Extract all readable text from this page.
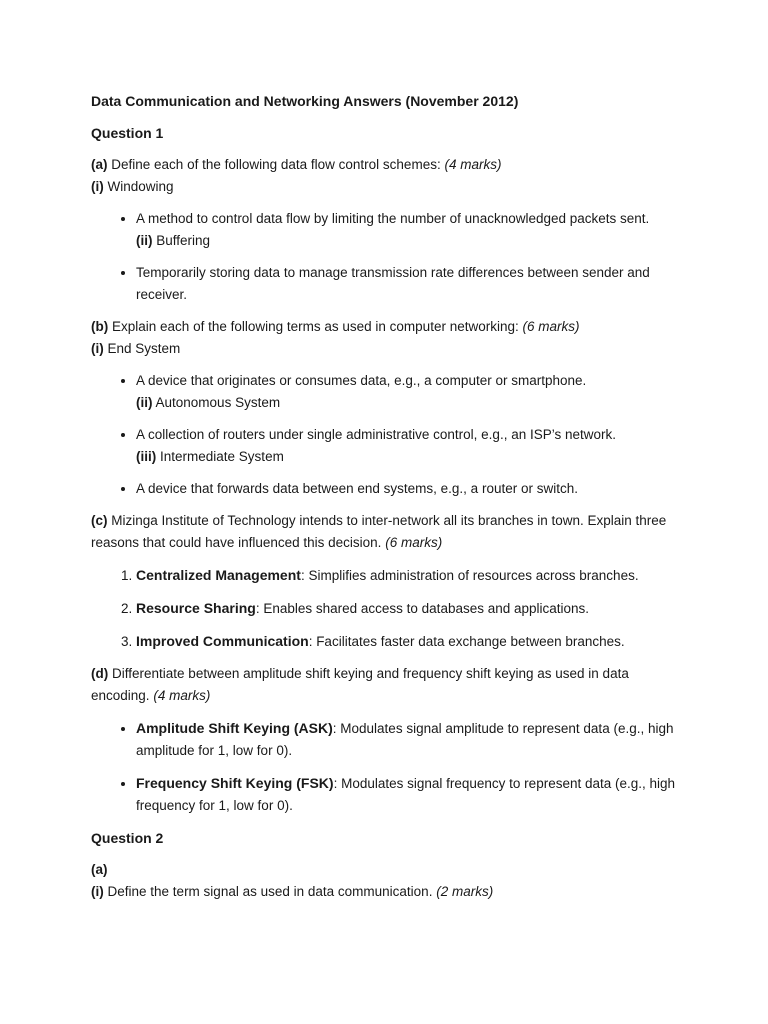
Data Communication and Networking Answers (November 2012)
Question 1

(a) Define each of the following data flow control schemes: (4 marks)
(i) Windowing

• A method to control data flow by limiting the number of unacknowledged packets sent.
(ii) Buffering
• Temporarily storing data to manage transmission rate differences between sender and receiver.

(b) Explain each of the following terms as used in computer networking: (6 marks)
(i) End System

• A device that originates or consumes data, e.g., a computer or smartphone.
(ii) Autonomous System
• A collection of routers under single administrative control, e.g., an ISP’s network.
(iii) Intermediate System
• A device that forwards data between end systems, e.g., a router or switch.

(c) Mizinga Institute of Technology intends to inter-network all its branches in town. Explain three reasons that could have influenced this decision. (6 marks)

1. Centralized Management: Simplifies administration of resources across branches.
2. Resource Sharing: Enables shared access to databases and applications.
3. Improved Communication: Facilitates faster data exchange between branches.

(d) Differentiate between amplitude shift keying and frequency shift keying as used in data encoding. (4 marks)

• Amplitude Shift Keying (ASK): Modulates signal amplitude to represent data (e.g., high amplitude for 1, low for 0).
• Frequency Shift Keying (FSK): Modulates signal frequency to represent data (e.g., high frequency for 1, low for 0).
Question 2

(a)
(i) Define the term signal as used in data communication. (2 marks)
